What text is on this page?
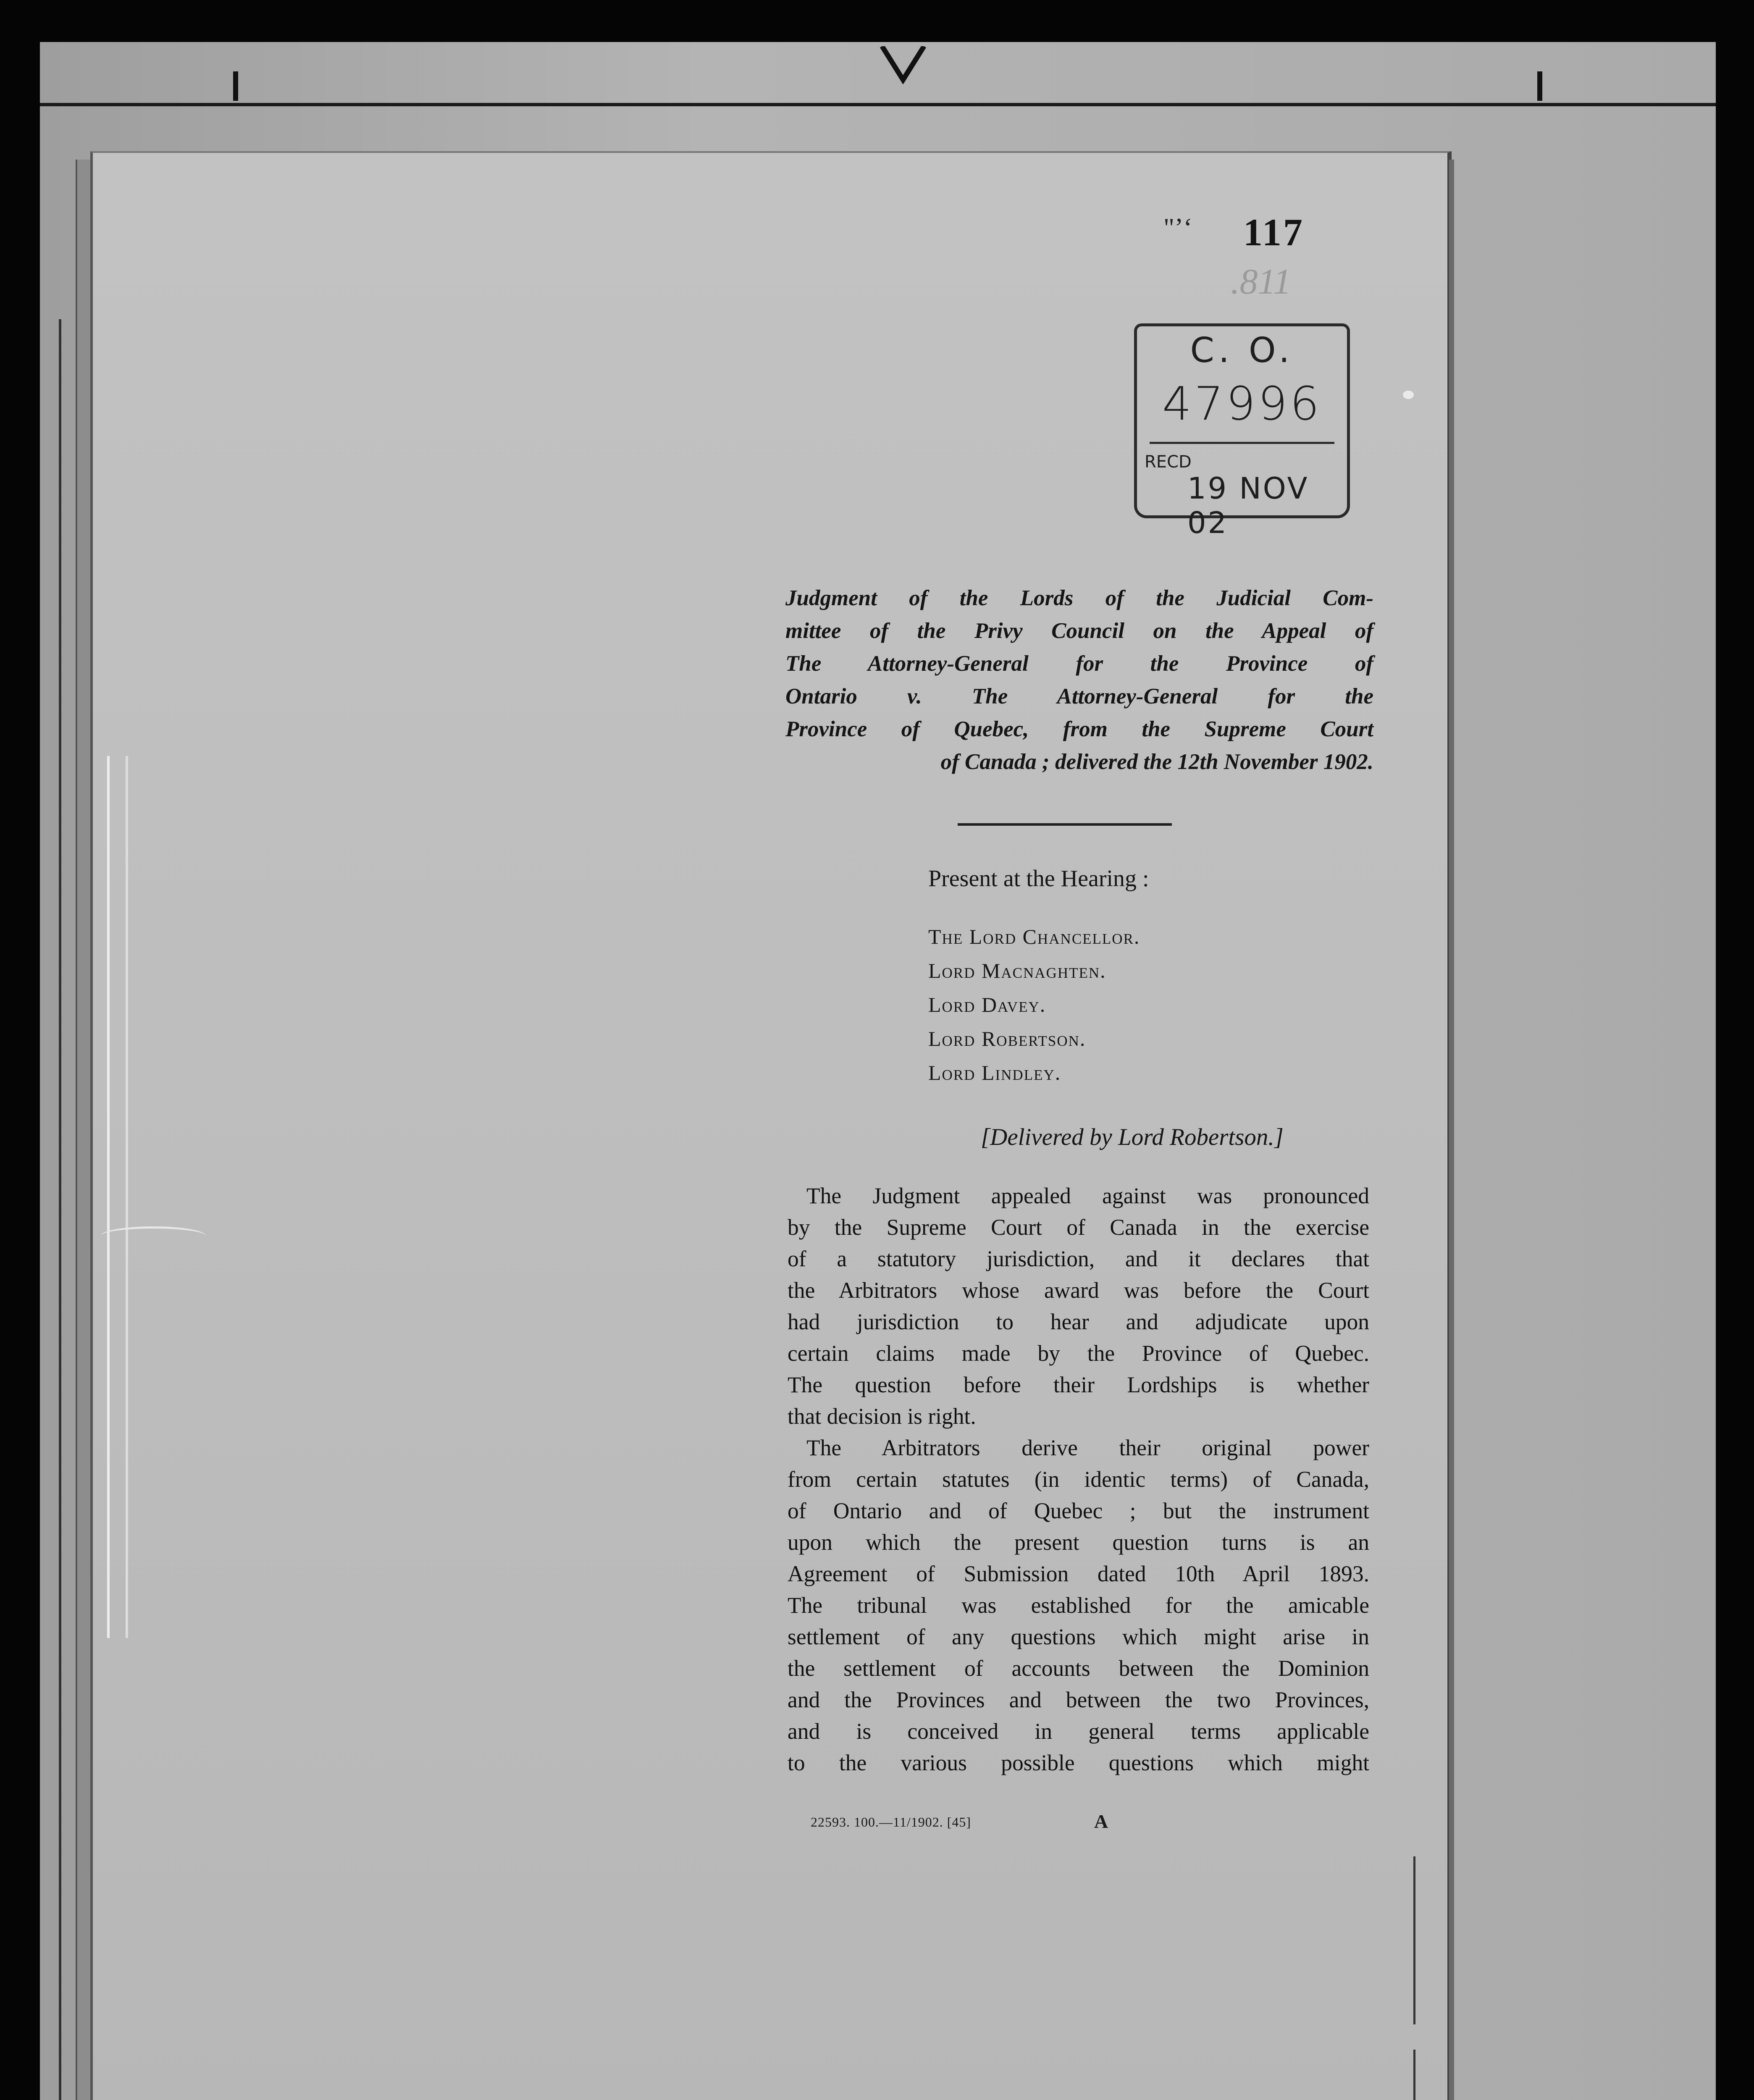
"’‘ 117
.811
C. O.
47996
RECD
19 NOV 02
Judgment of the Lords of the Judicial Com-
mittee of the Privy Council on the Appeal of
The Attorney-General for the Province of
Ontario v. The Attorney-General for the
Province of Quebec, from the Supreme Court
of Canada ; delivered the 12th November 1902.
Present at the Hearing :
The Lord Chancellor.
Lord Macnaghten.
Lord Davey.
Lord Robertson.
Lord Lindley.
[Delivered by Lord Robertson.]
The Judgment appealed against was pronounced
by the Supreme Court of Canada in the exercise
of a statutory jurisdiction, and it declares that
the Arbitrators whose award was before the Court
had jurisdiction to hear and adjudicate upon
certain claims made by the Province of Quebec.
The question before their Lordships is whether
that decision is right.
The Arbitrators derive their original power
from certain statutes (in identic terms) of Canada,
of Ontario and of Quebec ; but the instrument
upon which the present question turns is an
Agreement of Submission dated 10th April 1893.
The tribunal was established for the amicable
settlement of any questions which might arise in
the settlement of accounts between the Dominion
and the Provinces and between the two Provinces,
and is conceived in general terms applicable
to the various possible questions which might
22593. 100.—11/1902. [45]	A
